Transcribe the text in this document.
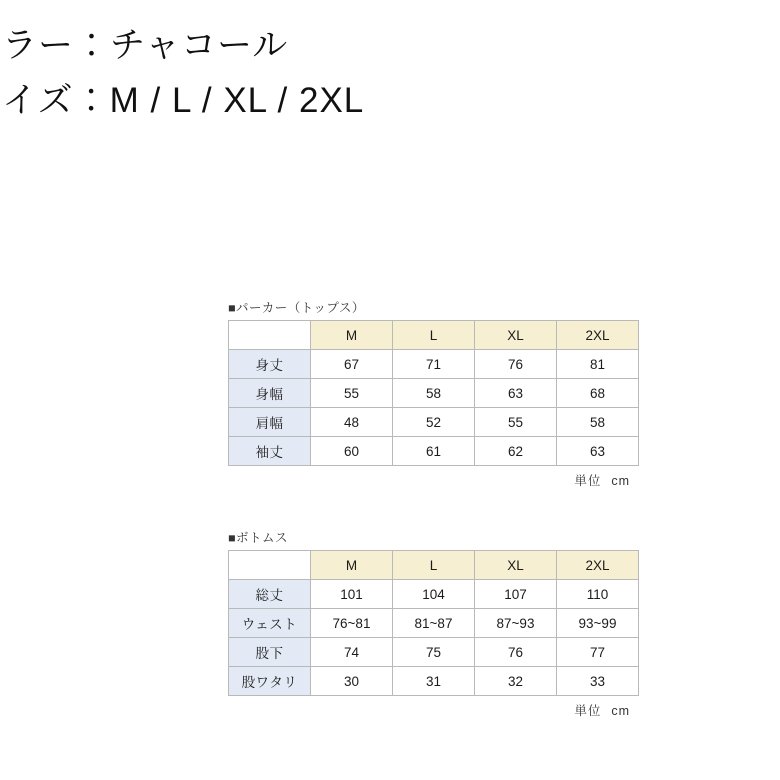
ラー：チャコール
イズ：M / L / XL / 2XL
■パーカー（トップス）
	M	L	XL	2XL
身丈	67	71	76	81
身幅	55	58	63	68
肩幅	48	52	55	58
袖丈	60	61	62	63
単位 cm
■ボトムス
	M	L	XL	2XL
総丈	101	104	107	110
ウェスト	76~81	81~87	87~93	93~99
股下	74	75	76	77
股ワタリ	30	31	32	33
単位 cm
